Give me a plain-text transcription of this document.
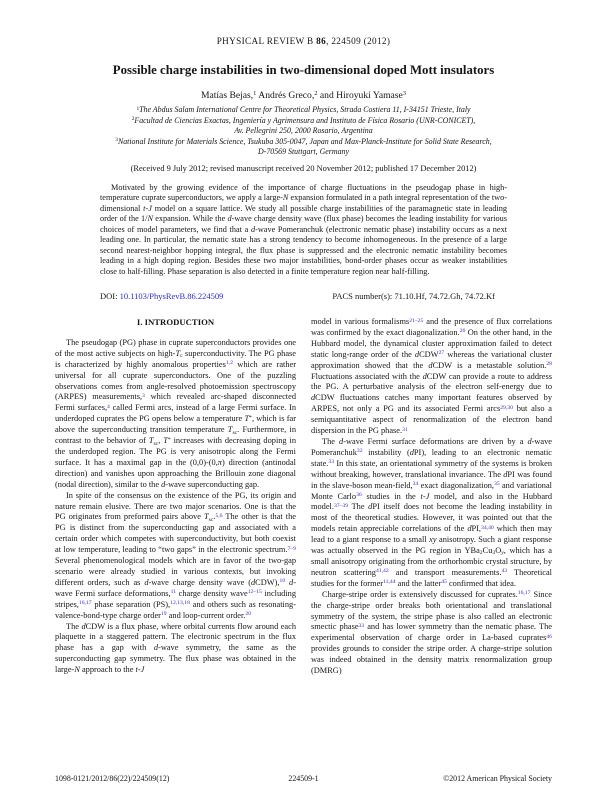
PHYSICAL REVIEW B 86, 224509 (2012)
Possible charge instabilities in two-dimensional doped Mott insulators
Matías Bejas,$^1$ Andrés Greco,$^2$ and Hiroyuki Yamase$^3$
$^1$The Abdus Salam International Centre for Theoretical Physics, Strada Costiera 11, I-34151 Trieste, Italy
$^2$Facultad de Ciencias Exactas, Ingeniería y Agrimensura and Instituto de Física Rosario (UNR-CONICET),
Av. Pellegrini 250, 2000 Rosario, Argentina
$^3$National Institute for Materials Science, Tsukuba 305-0047, Japan and Max-Planck-Institute for Solid State Research,
D-70569 Stuttgart, Germany
(Received 9 July 2012; revised manuscript received 20 November 2012; published 17 December 2012)
Motivated by the growing evidence of the importance of charge fluctuations in the pseudogap phase in high-temperature cuprate superconductors, we apply a large-N expansion formulated in a path integral representation of the two-dimensional t-J model on a square lattice. We study all possible charge instabilities of the paramagnetic state in leading order of the 1/N expansion. While the d-wave charge density wave (flux phase) becomes the leading instability for various choices of model parameters, we find that a d-wave Pomeranchuk (electronic nematic phase) instability occurs as a next leading one. In particular, the nematic state has a strong tendency to become inhomogeneous. In the presence of a large second nearest-neighbor hopping integral, the flux phase is suppressed and the electronic nematic instability becomes leading in a high doping region. Besides these two major instabilities, bond-order phases occur as weaker instabilities close to half-filling. Phase separation is also detected in a finite temperature region near half-filling.
DOI: 10.1103/PhysRevB.86.224509	PACS number(s): 71.10.Hf, 74.72.Gh, 74.72.Kf
I. INTRODUCTION

The pseudogap (PG) phase in cuprate superconductors provides one of the most active subjects on high-$T_c$ superconductivity. The PG phase is characterized by highly anomalous properties$^{1,2}$ which are rather universal for all cuprate superconductors. One of the puzzling observations comes from angle-resolved photoemission spectroscopy (ARPES) measurements,$^3$ which revealed arc-shaped disconnected Fermi surfaces,$^4$ called Fermi arcs, instead of a large Fermi surface. In underdoped cuprates the PG opens below a temperature T*, which is far above the superconducting transition temperature $T_{sc}$. Furthermore, in contrast to the behavior of $T_{sc}$, T* increases with decreasing doping in the underdoped region. The PG is very anisotropic along the Fermi surface. It has a maximal gap in the (0,0)-(0,π) direction (antinodal direction) and vanishes upon approaching the Brillouin zone diagonal (nodal direction), similar to the d-wave superconducting gap.

In spite of the consensus on the existence of the PG, its origin and nature remain elusive. There are two major scenarios. One is that the PG originates from preformed pairs above $T_{sc}.^{5,6}$ The other is that the PG is distinct from the superconducting gap and associated with a certain order which competes with superconductivity, but both coexist at low temperature, leading to “two gaps” in the electronic spectrum.$^{7-9}$ Several phenomenological models which are in favor of the two-gap scenario were already studied in various contexts, but invoking different orders, such as d-wave charge density wave (dCDW),$^{10}$ d-wave Fermi surface deformations,$^{11}$ charge density wave$^{12-15}$ including stripes,$^{16,17}$ phase separation (PS),$^{12,13,18}$ and others such as resonating-valence-bond-type charge order$^{19}$ and loop-current order.$^{20}$

The dCDW is a flux phase, where orbital currents flow around each plaquette in a staggered pattern. The electronic spectrum in the flux phase has a gap with d-wave symmetry, the same as the superconducting gap symmetry. The flux phase was obtained in the large-N approach to the t-J

model in various formalisms$^{21-25}$ and the presence of flux correlations was confirmed by the exact diagonalization.$^{26}$ On the other hand, in the Hubbard model, the dynamical cluster approximation failed to detect static long-range order of the dCDW$^{27}$ whereas the variational cluster approximation showed that the dCDW is a metastable solution.$^{28}$ Fluctuations associated with the dCDW can provide a route to address the PG. A perturbative analysis of the electron self-energy due to dCDW fluctuations catches many important features observed by ARPES, not only a PG and its associated Fermi arcs$^{29,30}$ but also a semiquantitative aspect of renormalization of the electron band dispersion in the PG phase.$^{31}$

The d-wave Fermi surface deformations are driven by a d-wave Pomeranchuk$^{32}$ instability (dPI), leading to an electronic nematic state.$^{33}$ In this state, an orientational symmetry of the systems is broken without breaking, however, translational invariance. The dPI was found in the slave-boson mean-field,$^{34}$ exact diagonalization,$^{35}$ and variational Monte Carlo$^{36}$ studies in the t-J model, and also in the Hubbard model.$^{37-39}$ The dPI itself does not become the leading instability in most of the theoretical studies. However, it was pointed out that the models retain appreciable correlations of the dPI,$^{34,40}$ which then may lead to a giant response to a small xy anisotropy. Such a giant response was actually observed in the PG region in $YBa_2Cu_3O_y$, which has a small anisotropy originating from the orthorhombic crystal structure, by neutron scattering$^{41,42}$ and transport measurements.$^{43}$ Theoretical studies for the former$^{11,44}$ and the latter$^{45}$ confirmed that idea.

Charge-stripe order is extensively discussed for cuprates.$^{16,17}$ Since the charge-stripe order breaks both orientational and translational symmetry of the system, the stripe phase is also called an electronic smectic phase$^{33}$ and has lower symmetry than the nematic phase. The experimental observation of charge order in La-based cuprates$^{46}$ provides grounds to consider the stripe order. A charge-stripe solution was indeed obtained in the density matrix renormalization group (DMRG)

1098-0121/2012/86(22)/224509(12)	224509-1	©2012 American Physical Society
